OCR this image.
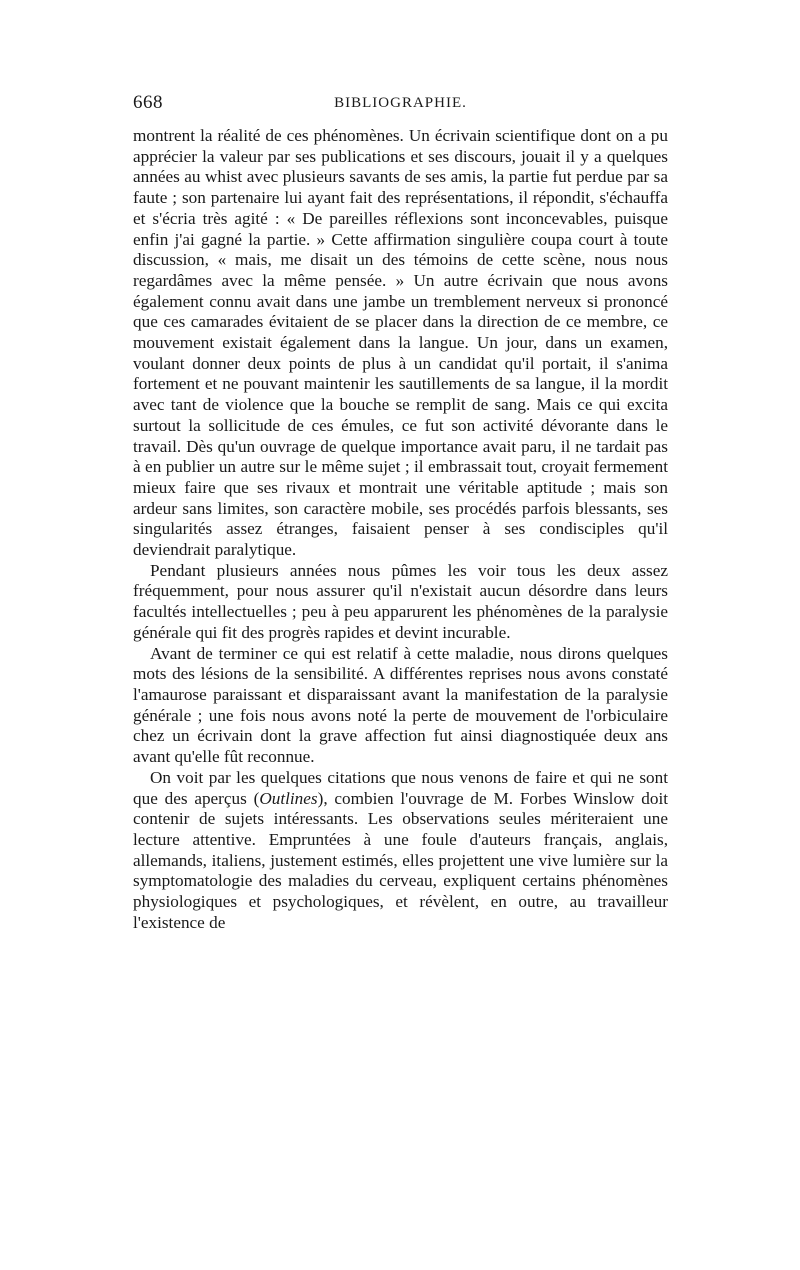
668	BIBLIOGRAPHIE.

montrent la réalité de ces phénomènes. Un écrivain scientifique dont on a pu apprécier la valeur par ses publications et ses discours, jouait il y a quelques années au whist avec plusieurs savants de ses amis, la partie fut perdue par sa faute ; son partenaire lui ayant fait des représentations, il répondit, s'échauffa et s'écria très agité : « De pareilles réflexions sont inconcevables, puisque enfin j'ai gagné la partie. » Cette affirmation singulière coupa court à toute discussion, « mais, me disait un des témoins de cette scène, nous nous regardâmes avec la même pensée. » Un autre écrivain que nous avons également connu avait dans une jambe un tremblement nerveux si prononcé que ces camarades évitaient de se placer dans la direction de ce membre, ce mouvement existait également dans la langue. Un jour, dans un examen, voulant donner deux points de plus à un candidat qu'il portait, il s'anima fortement et ne pouvant maintenir les sautillements de sa langue, il la mordit avec tant de violence que la bouche se remplit de sang. Mais ce qui excita surtout la sollicitude de ces émules, ce fut son activité dévorante dans le travail. Dès qu'un ouvrage de quelque importance avait paru, il ne tardait pas à en publier un autre sur le même sujet ; il embrassait tout, croyait fermement mieux faire que ses rivaux et montrait une véritable aptitude ; mais son ardeur sans limites, son caractère mobile, ses procédés parfois blessants, ses singularités assez étranges, faisaient penser à ses condisciples qu'il deviendrait paralytique.

Pendant plusieurs années nous pûmes les voir tous les deux assez fréquemment, pour nous assurer qu'il n'existait aucun désordre dans leurs facultés intellectuelles ; peu à peu apparurent les phénomènes de la paralysie générale qui fit des progrès rapides et devint incurable.

Avant de terminer ce qui est relatif à cette maladie, nous dirons quelques mots des lésions de la sensibilité. A différentes reprises nous avons constaté l'amaurose paraissant et disparaissant avant la manifestation de la paralysie générale ; une fois nous avons noté la perte de mouvement de l'orbiculaire chez un écrivain dont la grave affection fut ainsi diagnostiquée deux ans avant qu'elle fût reconnue.

On voit par les quelques citations que nous venons de faire et qui ne sont que des aperçus (Outlines), combien l'ouvrage de M. Forbes Winslow doit contenir de sujets intéressants. Les observations seules mériteraient une lecture attentive. Empruntées à une foule d'auteurs français, anglais, allemands, italiens, justement estimés, elles projettent une vive lumière sur la symptomatologie des maladies du cerveau, expliquent certains phénomènes physiologiques et psychologiques, et révèlent, en outre, au travailleur l'existence de
